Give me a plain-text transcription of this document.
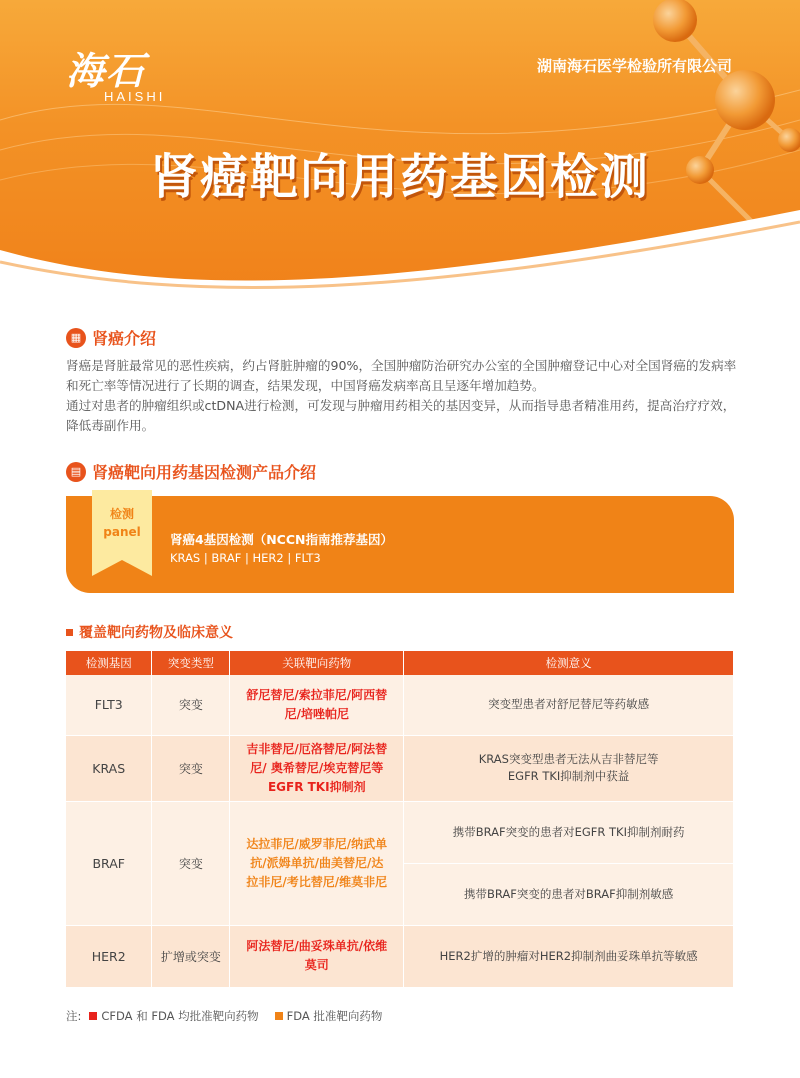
海石
HAISHI
湖南海石医学检验所有限公司
肾癌靶向用药基因检测
▦ 肾癌介绍

肾癌是肾脏最常见的恶性疾病，约占肾脏肿瘤的90%，全国肿瘤防治研究办公室的全国肿瘤登记中心对全国肾癌的发病率和死亡率等情况进行了长期的调查，结果发现，中国肾癌发病率高且呈逐年增加趋势。

通过对患者的肿瘤组织或ctDNA进行检测，可发现与肿瘤用药相关的基因变异，从而指导患者精准用药，提高治疗疗效，降低毒副作用。

▤ 肾癌靶向用药基因检测产品介绍
检测
panel 肾癌4基因检测（NCCN指南推荐基因）
KRAS | BRAF | HER2 | FLT3
覆盖靶向药物及临床意义
检测基因	突变类型	关联靶向药物	检测意义
FLT3	突变	舒尼替尼/索拉菲尼/阿西替尼/培唑帕尼	突变型患者对舒尼替尼等药敏感
KRAS	突变	吉非替尼/厄洛替尼/阿法替尼/ 奥希替尼/埃克替尼等EGFR TKI抑制剂	KRAS突变型患者无法从吉非替尼等EGFR TKI抑制剂中获益
BRAF	突变	达拉菲尼/威罗菲尼/纳武单抗/派姆单抗/曲美替尼/达拉非尼/考比替尼/维莫非尼	携带BRAF突变的患者对EGFR TKI抑制剂耐药
			携带BRAF突变的患者对BRAF抑制剂敏感
HER2	扩增或突变	阿法替尼/曲妥珠单抗/依维莫司	HER2扩增的肿瘤对HER2抑制剂曲妥珠单抗等敏感
注: CFDA 和 FDA 均批准靶向药物 FDA 批准靶向药物
